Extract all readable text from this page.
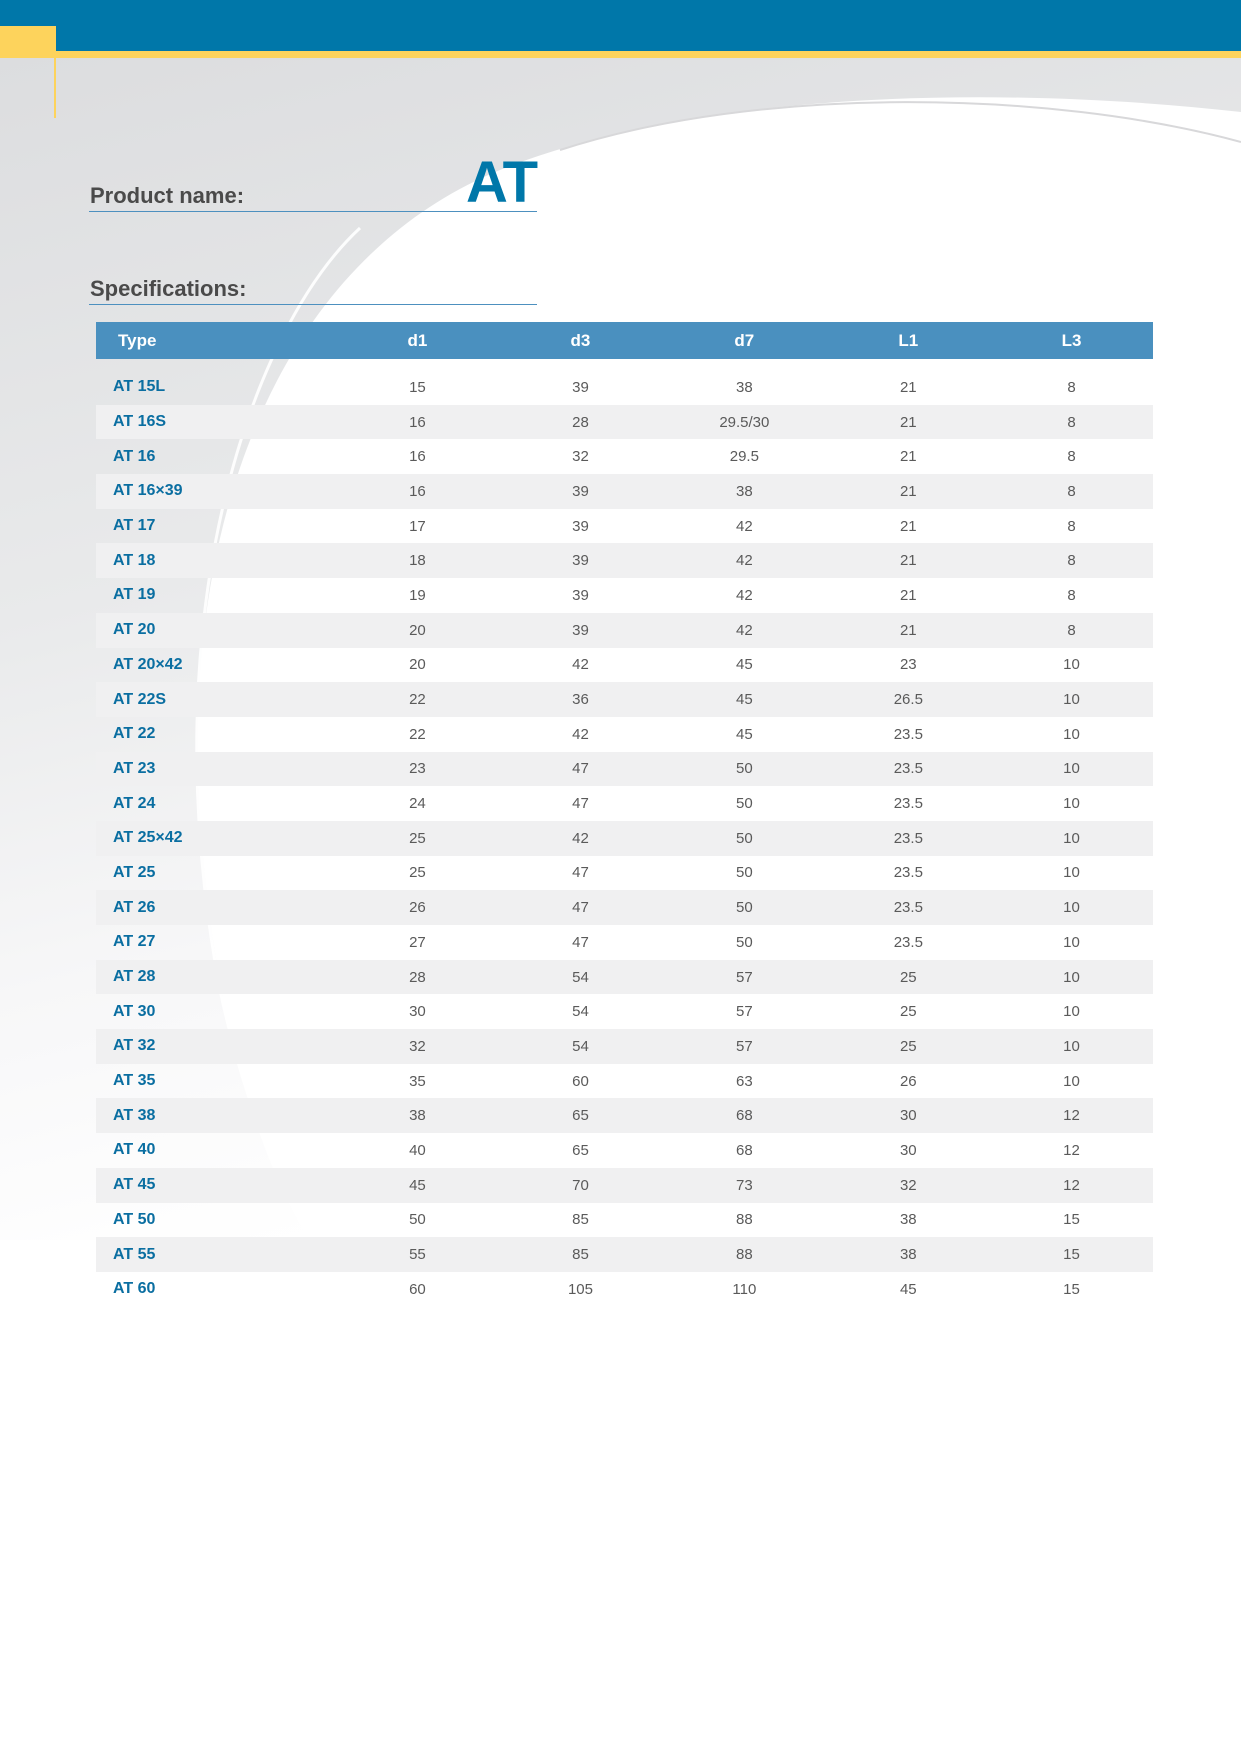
Product name:	AT
Specifications:
Type	d1	d3	d7	L1	L3

AT 15L	15	39	38	21	8
AT 16S	16	28	29.5/30	21	8
AT 16	16	32	29.5	21	8
AT 16×39	16	39	38	21	8
AT 17	17	39	42	21	8
AT 18	18	39	42	21	8
AT 19	19	39	42	21	8
AT 20	20	39	42	21	8
AT 20×42	20	42	45	23	10
AT 22S	22	36	45	26.5	10
AT 22	22	42	45	23.5	10
AT 23	23	47	50	23.5	10
AT 24	24	47	50	23.5	10
AT 25×42	25	42	50	23.5	10
AT 25	25	47	50	23.5	10
AT 26	26	47	50	23.5	10
AT 27	27	47	50	23.5	10
AT 28	28	54	57	25	10
AT 30	30	54	57	25	10
AT 32	32	54	57	25	10
AT 35	35	60	63	26	10
AT 38	38	65	68	30	12
AT 40	40	65	68	30	12
AT 45	45	70	73	32	12
AT 50	50	85	88	38	15
AT 55	55	85	88	38	15
AT 60	60	105	110	45	15
